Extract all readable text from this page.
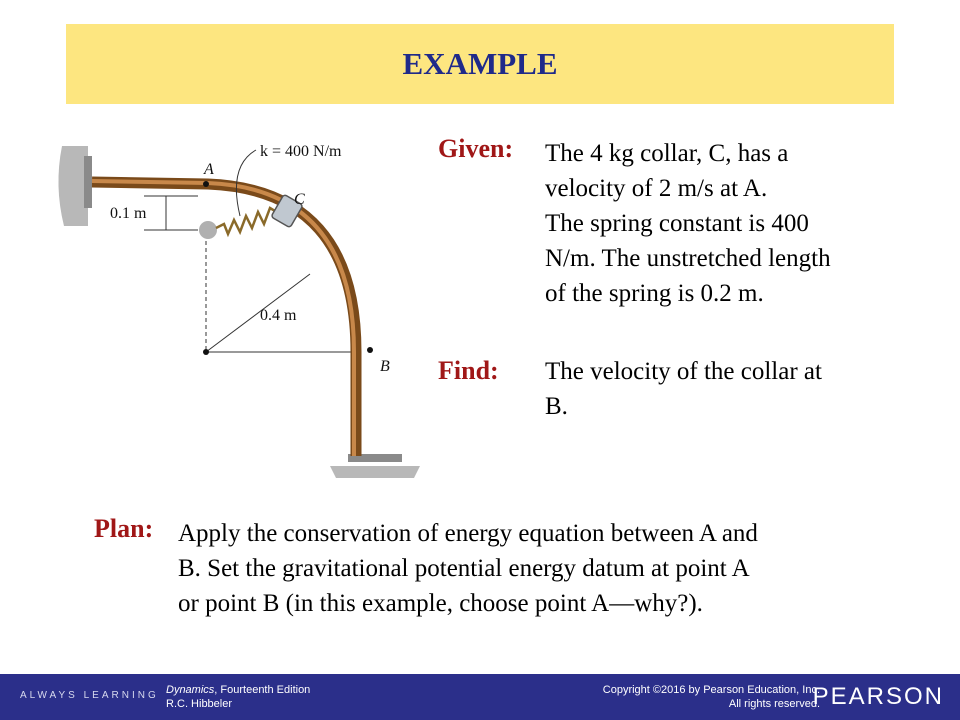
EXAMPLE
k = 400 N/m
A
C
B
0.1 m
0.4 m
Given: The 4 kg collar, C, has a
velocity of 2 m/s at A.
The spring constant is 400
N/m. The unstretched length
of the spring is 0.2 m.
Find: The velocity of the collar at
B.
Plan: Apply the conservation of energy equation between A and
B. Set the gravitational potential energy datum at point A
or point B (in this example, choose point A—why?).
ALWAYS LEARNING Dynamics, Fourteenth Edition
R.C. Hibbeler
Copyright ©2016 by Pearson Education, Inc.
All rights reserved.
PEARSON
